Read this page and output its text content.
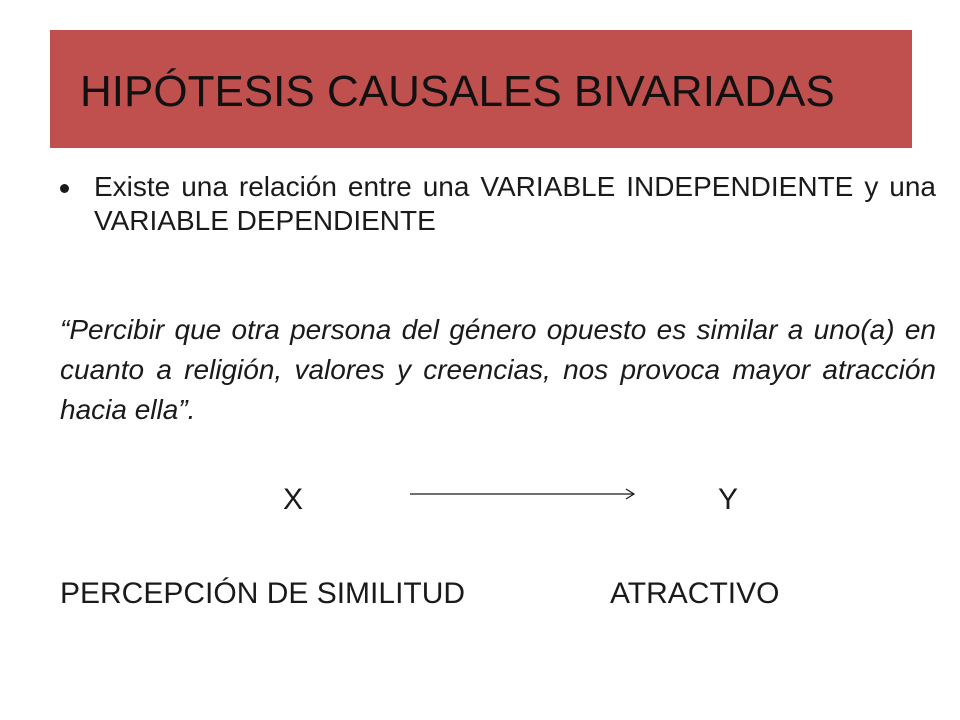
HIPÓTESIS CAUSALES BIVARIADAS

Existe una relación entre una VARIABLE INDEPENDIENTE y una VARIABLE DEPENDIENTE

“Percibir que otra persona del género opuesto es similar a uno(a) en cuanto a religión, valores y creencias, nos provoca mayor atracción hacia ella”.

X	Y
PERCEPCIÓN DE SIMILITUD	ATRACTIVO
